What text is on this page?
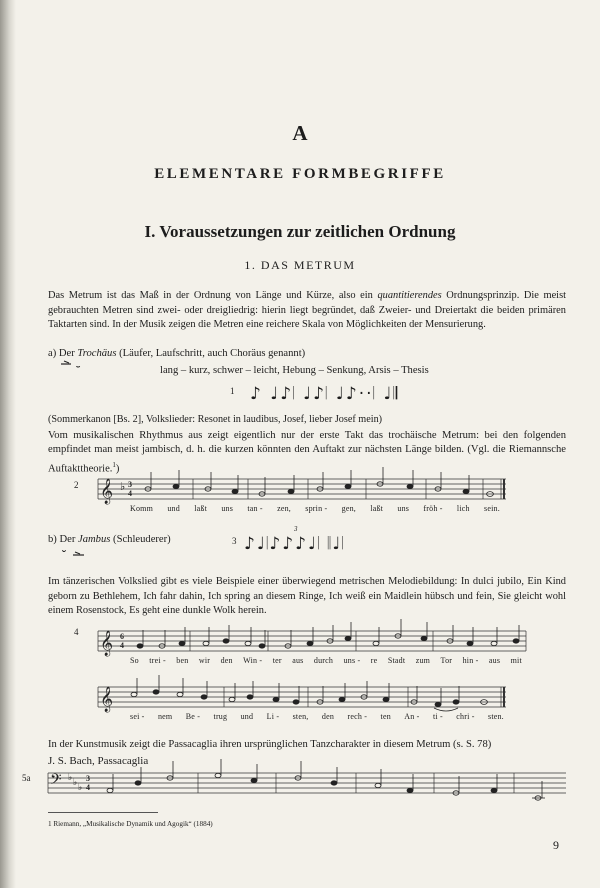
A
ELEMENTARE FORMBEGRIFFE
I. Voraussetzungen zur zeitlichen Ordnung
1. DAS METRUM
Das Metrum ist das Maß in der Ordnung von Länge und Kürze, also ein quantitierendes Ordnungsprinzip. Die meist gebrauchten Metren sind zwei- oder dreigliedrig: hierin liegt begründet, daß Zweier- und Dreiertakt die beiden primären Taktarten sind. In der Musik zeigen die Metren eine reichere Skala von Möglichkeiten der Mensurierung.
a) Der Trochäus (Läufer, Laufschritt, auch Choräus genannt)
⏑	lang – kurz, schwer – leicht, Hebung – Senkung, Arsis – Thesis
1 ♪ ♩♪𝄀 ♩♪𝄀 ♩♪··𝄀 ♩𝄂
(Sommerkanon [Bs. 2], Volkslieder: Resonet in laudibus, Josef, lieber Josef mein)
Vom musikalischen Rhythmus aus zeigt eigentlich nur der erste Takt das trochäische Metrum: bei den folgenden empfindet man meist jambisch, d. h. die kurzen könnten den Auftakt zur nächsten Länge bilden. (Vgl. die Riemannsche Auftakttheorie.$^1$)
2 𝄞 ♭ 3
4
Komm und laßt uns tan - zen, sprin - gen, laßt uns fröh - lich sein.
b) Der Jambus (Schleuderer)
⏑
3
3
♪♩𝄀♪♪♪♩𝄀 𝄁♩𝄀
Im tänzerischen Volkslied gibt es viele Beispiele einer überwiegend metrischen Melodiebildung: In dulci jubilo, Ein Kind geborn zu Bethlehem, Ich fahr dahin, Ich spring an diesem Ringe, Ich weiß ein Maidlein hübsch und fein, Sie gleicht wohl einem Rosenstock, Es geht eine dunkle Wolk herein.
4 𝄞 6
4
So trei - ben wir den Win - ter aus durch uns - re Stadt zum Tor hin - aus mit
𝄞
sei - nem Be - trug und Li - sten, den rech - ten An - ti - chri - sten.
In der Kunstmusik zeigt die Passacaglia ihren ursprünglichen Tanzcharakter in diesem Metrum (s. S. 78)
J. S. Bach, Passacaglia
5a 𝄢 ♭ ♭ ♭
3
4
1 Riemann, „Musikalische Dynamik und Agogik“ (1884)
9
